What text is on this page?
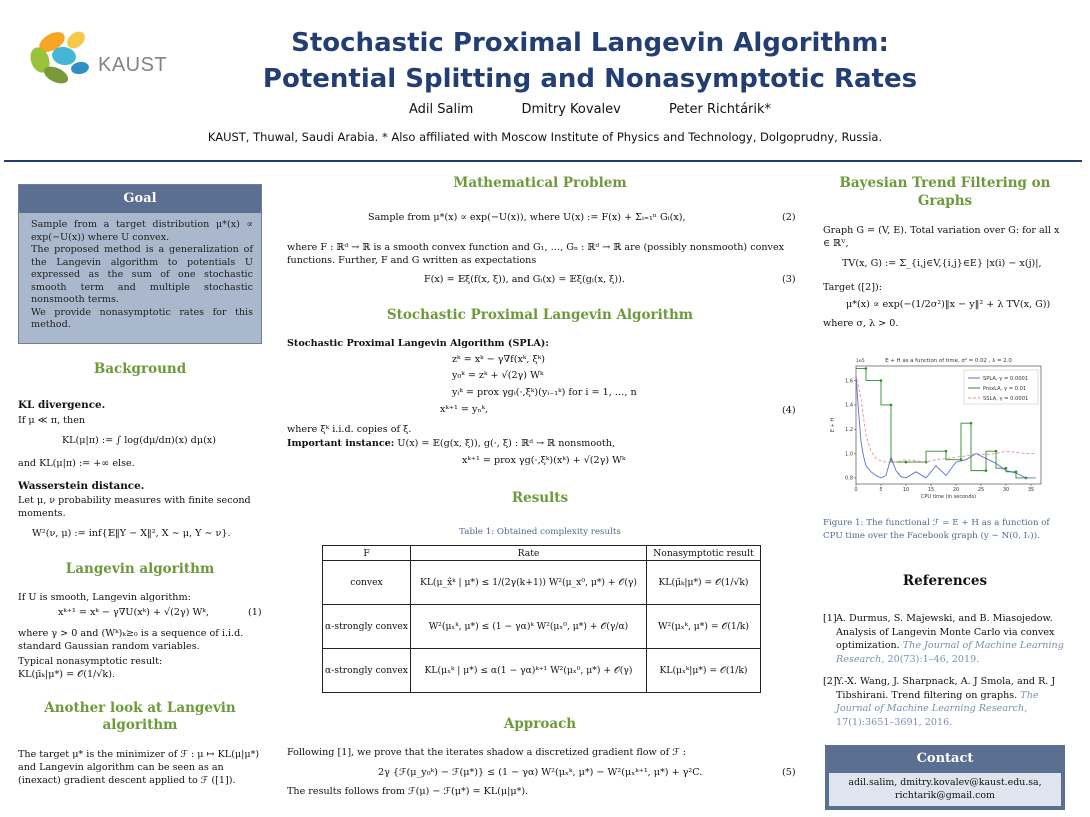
KAUST
Stochastic Proximal Langevin Algorithm:
Potential Splitting and Nonasymptotic Rates
Adil Salim	Dmitry Kovalev	Peter Richtárik*
KAUST, Thuwal, Saudi Arabia. * Also affiliated with Moscow Institute of Physics and Technology, Dolgoprudny, Russia.
Goal
Sample from a target distribution μ*(x) ∝ exp(−U(x)) where U convex.
The proposed method is a generalization of the Langevin algorithm to potentials U expressed as the sum of one stochastic smooth term and multiple stochastic nonsmooth terms.
We provide nonasymptotic rates for this method.
Background
KL divergence.
If μ ≪ π, then
KL(μ|π) := ∫ log(dμ/dπ)(x) dμ(x)
and KL(μ|π) := +∞ else.
Wasserstein distance.
Let μ, ν probability measures with finite second moments.
W²(ν, μ) := inf{𝔼‖Y − X‖², X ∼ μ, Y ∼ ν}.
Langevin algorithm
If U is smooth, Langevin algorithm:
xᵏ⁺¹ = xᵏ − γ∇U(xᵏ) + √(2γ) Wᵏ,	(1)
where γ > 0 and (Wᵏ)ₖ≥₀ is a sequence of i.i.d. standard Gaussian random variables.
Typical nonasymptotic result:
KL(μ̄ₖ|μ*) = 𝒪(1/√k).
Another look at Langevin
algorithm
The target μ* is the minimizer of ℱ : μ ↦ KL(μ|μ*) and Langevin algorithm can be seen as an (inexact) gradient descent applied to ℱ ([1]).
Mathematical Problem
Sample from μ*(x) ∝ exp(−U(x)), where U(x) := F(x) + Σᵢ₌₁ⁿ Gᵢ(x),	(2)
where F : ℝᵈ → ℝ is a smooth convex function and G₁, …, Gₙ : ℝᵈ → ℝ are (possibly nonsmooth) convex functions. Further, F and G written as expectations
F(x) = 𝔼ξ(f(x, ξ)), and Gᵢ(x) = 𝔼ξ(gᵢ(x, ξ)).	(3)
Stochastic Proximal Langevin Algorithm
Stochastic Proximal Langevin Algorithm (SPLA):
zᵏ = xᵏ − γ∇f(xᵏ, ξᵏ)
y₀ᵏ = zᵏ + √(2γ) Wᵏ
yᵢᵏ = prox γgᵢ(·,ξᵏ)(yᵢ₋₁ᵏ) for i = 1, …, n
xᵏ⁺¹ = yₙᵏ,	(4)
where ξᵏ i.i.d. copies of ξ.
Important instance: U(x) = 𝔼(g(x, ξ)), g(·, ξ) : ℝᵈ → ℝ nonsmooth,
xᵏ⁺¹ = prox γg(·,ξᵏ)(xᵏ) + √(2γ) Wᵏ
Results
Table 1: Obtained complexity results
F	Rate	Nonasymptotic result
convex	KL(μ_x̂ᵏ | μ*) ≤ 1/(2γ(k+1)) W²(μ_x⁰, μ*) + 𝒪(γ)	KL(μ̄ₖ|μ*) = 𝒪(1/√k)
α-strongly convex	W²(μₓᵏ, μ*) ≤ (1 − γα)ᵏ W²(μₓ⁰, μ*) + 𝒪(γ/α)	W²(μₓᵏ, μ*) = 𝒪(1/k)
α-strongly convex	KL(μₓᵏ | μ*) ≤ α(1 − γα)ᵏ⁺¹ W²(μₓ⁰, μ*) + 𝒪(γ)	KL(μₓᵏ|μ*) = 𝒪(1/k)
Approach
Following [1], we prove that the iterates shadow a discretized gradient flow of ℱ :
2γ {ℱ(μ_y₀ᵏ) − ℱ(μ*)} ≤ (1 − γα) W²(μₓᵏ, μ*) − W²(μₓᵏ⁺¹, μ*) + γ²C.	(5)
The results follows from ℱ(μ) − ℱ(μ*) = KL(μ|μ*).
Bayesian Trend Filtering on
Graphs
Graph G = (V, E). Total variation over G: for all x ∈ ℝⱽ,
TV(x, G) := Σ_{i,j∈V,{i,j}∈E} |x(i) − x(j)|,
Target ([2]):
μ*(x) ∝ exp(−(1/2σ²)‖x − y‖² + λ TV(x, G))
where σ, λ > 0.
E + H as a function of time, σ² = 0.02 , λ = 2.0
1e5
CPU time (in seconds)
E + H
0	5	10	15	20	25	30	35
0.8
1.0
1.2
1.4
1.6	SPLA, γ = 0.0001
ProxLA, γ = 0.01
SSLA, γ = 0.0001
Figure 1: The functional ℱ = E + H as a function of CPU time over the Facebook graph (y ∼ N(0, Iᵥ)).
References
[1] A. Durmus, S. Majewski, and B. Miasojedow. Analysis of Langevin Monte Carlo via convex optimization. The Journal of Machine Learning Research, 20(73):1–46, 2019.
[2] Y.-X. Wang, J. Sharpnack, A. J Smola, and R. J Tibshirani. Trend filtering on graphs. The Journal of Machine Learning Research, 17(1):3651–3691, 2016.
Contact
adil.salim, dmitry.kovalev@kaust.edu.sa,
richtarik@gmail.com
